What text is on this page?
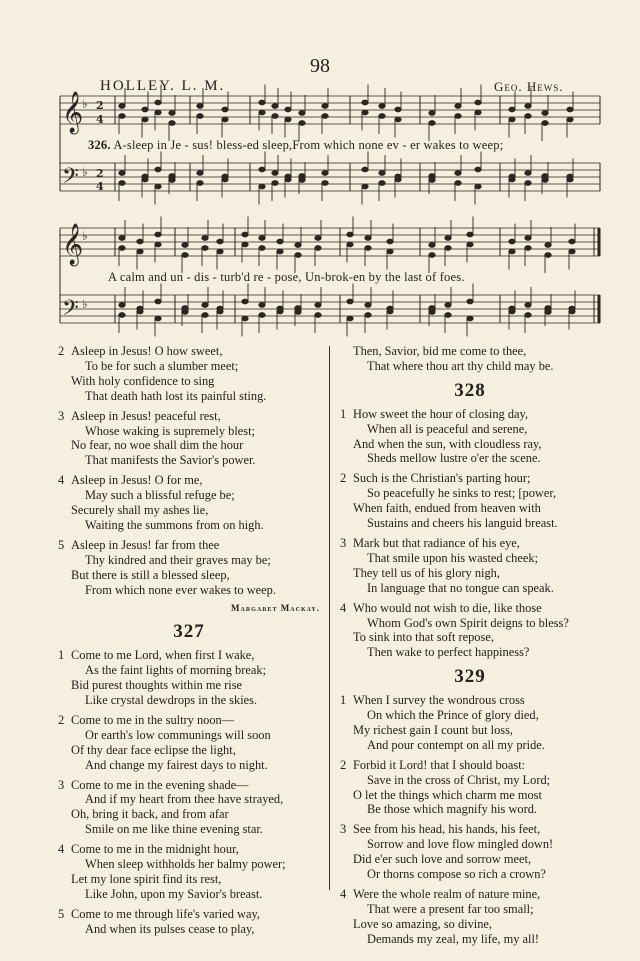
98
HOLLEY. L. M.	Geo. Hews.
𝄞
𝄢
𝄞
𝄢
♭
♭
♭
♭
2
4
2
4
326. A-sleep in Je - sus! bless-ed sleep,From which none ev - er wakes to weep;
A calm and un - dis - turb'd re - pose, Un-brok-en by the last of foes.
2 Asleep in Jesus! O how sweet,
To be for such a slumber meet;
With holy confidence to sing
That death hath lost its painful sting.
3 Asleep in Jesus! peaceful rest,
Whose waking is supremely blest;
No fear, no woe shall dim the hour
That manifests the Savior's power.
4 Asleep in Jesus! O for me,
May such a blissful refuge be;
Securely shall my ashes lie,
Waiting the summons from on high.
5 Asleep in Jesus! far from thee
Thy kindred and their graves may be;
But there is still a blessed sleep,
From which none ever wakes to weep.
Margaret Mackay.
327
1 Come to me Lord, when first I wake,
As the faint lights of morning break;
Bid purest thoughts within me rise
Like crystal dewdrops in the skies.
2 Come to me in the sultry noon—
Or earth's low communings will soon
Of thy dear face eclipse the light,
And change my fairest days to night.
3 Come to me in the evening shade—
And if my heart from thee have strayed,
Oh, bring it back, and from afar
Smile on me like thine evening star.
4 Come to me in the midnight hour,
When sleep withholds her balmy power;
Let my lone spirit find its rest,
Like John, upon my Savior's breast.
5 Come to me through life's varied way,
And when its pulses cease to play,
Then, Savior, bid me come to thee,
That where thou art thy child may be.
328
1 How sweet the hour of closing day,
When all is peaceful and serene,
And when the sun, with cloudless ray,
Sheds mellow lustre o'er the scene.
2 Such is the Christian's parting hour;
So peacefully he sinks to rest; [power,
When faith, endued from heaven with
Sustains and cheers his languid breast.
3 Mark but that radiance of his eye,
That smile upon his wasted cheek;
They tell us of his glory nigh,
In language that no tongue can speak.
4 Who would not wish to die, like those
Whom God's own Spirit deigns to bless?
To sink into that soft repose,
Then wake to perfect happiness?
329
1 When I survey the wondrous cross
On which the Prince of glory died,
My richest gain I count but loss,
And pour contempt on all my pride.
2 Forbid it Lord! that I should boast:
Save in the cross of Christ, my Lord;
O let the things which charm me most
Be those which magnify his word.
3 See from his head, his hands, his feet,
Sorrow and love flow mingled down!
Did e'er such love and sorrow meet,
Or thorns compose so rich a crown?
4 Were the whole realm of nature mine,
That were a present far too small;
Love so amazing, so divine,
Demands my zeal, my life, my all!
